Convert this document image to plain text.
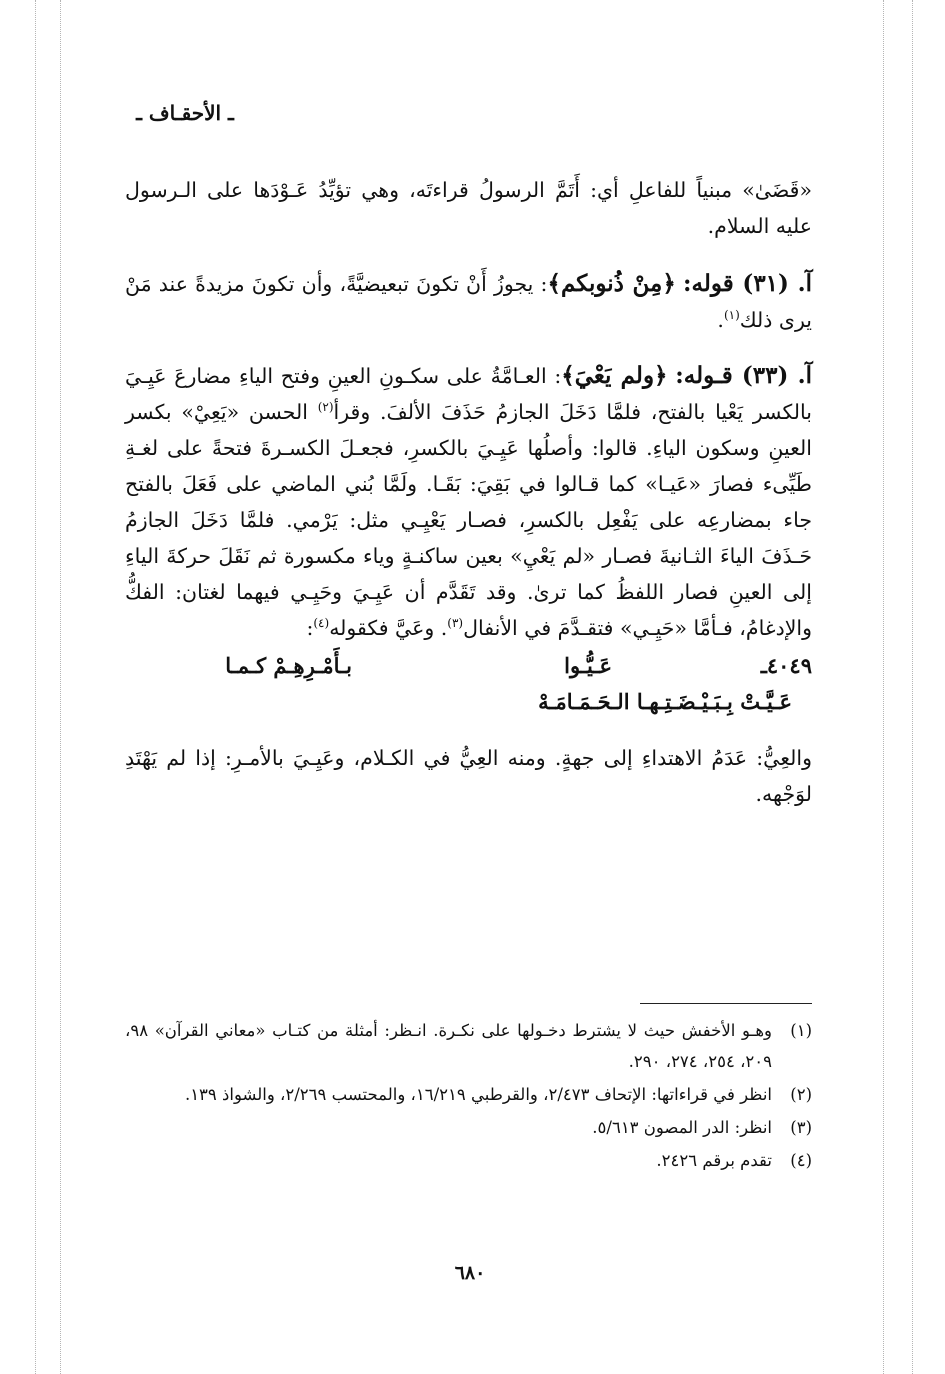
ـ الأحقـاف ـ

«قَضَىٰ» مبنياً للفاعلِ أي: أَتَمَّ الرسولُ قراءتَه، وهي تؤيِّدُ عَـوْدَها على الـرسول عليه السلام.

آ. (٣١) قوله: ﴿مِنْ ذُنوبكم﴾: يجوزُ أَنْ تكونَ تبعيضيَّةً، وأن تكونَ مزيدةً عند مَنْ يرى ذلك$^{(١)}$.

آ. (٣٣) قـوله: ﴿ولم يَعْيَ﴾: العـامَّةُ على سكـونِ العينِ وفتح الياءِ مضارعَ عَيِـيَ بالكسر يَعْيا بالفتح، فلمَّا دَخَلَ الجازمُ حَذَفَ الألفَ. وقرأ$^{(٢)}$ الحسن «يَعِيْ» بكسر العينِ وسكون الياءِ. قالوا: وأصلُها عَيِـيَ بالكسرِ، فجعـلَ الكسـرةَ فتحةً على لغـةِ طَيِّىء فصارَ «عَيـا» كما قـالوا في بَقِيَ: بَقَـا. ولَمَّا بُني الماضي على فَعَلَ بالفتح جاء بمضارعِه على يَفْعِل بالكسرِ، فصـار يَعْيِـي مثل: يَرْمي. فلمَّا دَخَلَ الجازمُ حَـذَفَ الياءَ الثـانيةَ فصـار «لم يَعْيِ» بعين ساكنـةٍ وياء مكسورة ثم نَقَلَ حركةَ الياءِ إلى العينِ فصار اللفظُ كما ترىٰ. وقد تَقَدَّم أن عَيِـيَ وحَيِـي فيهما لغتان: الفكُّ والإدغامُ، فـأمَّا «حَيِـي» فتقـدَّمَ في الأنفال$^{(٣)}$. وعَيَّ فكقوله$^{(٤)}$:

٤٠٤٩ـ
عَـيُّـوا
بـأَمْـرِهِـمْ كـمـا
عَـيَّـتْ بِـبَـيْـضَـتِـهـا الـحَـمَـامَـهْ

والعِيُّ: عَدَمُ الاهتداءِ إلى جهةٍ. ومنه العِيُّ في الكـلام، وعَيِـيَ بالأمـرِ: إذا لم يَهْتَدِ لوَجْهه.

(١)
وهـو الأخفش حيث لا يشترط دخـولها على نكـرة. انـظر: أمثلة من كتـاب «معاني القرآن» ٩٨، ٢٠٩، ٢٥٤، ٢٧٤، ٢٩٠.
(٢)
انظر في قراءاتها: الإتحاف ٢/٤٧٣، والقرطبي ١٦/٢١٩، والمحتسب ٢/٢٦٩، والشواذ ١٣٩.
(٣)
انظر: الدر المصون ٥/٦١٣.
(٤)
تقدم برقم ٢٤٢٦.
٦٨٠
